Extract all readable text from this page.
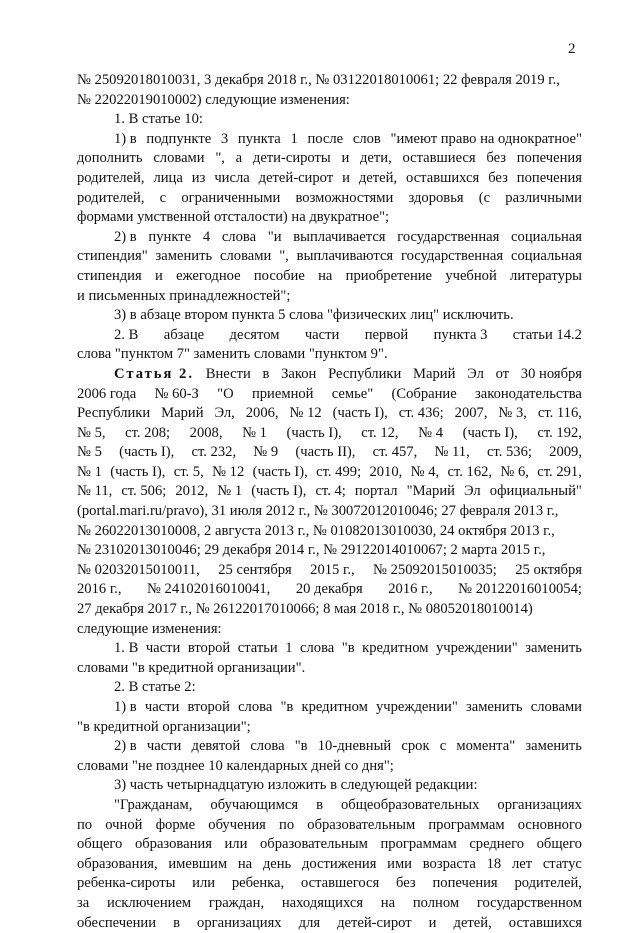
2
№ 25092018010031, 3 декабря 2018 г., № 03122018010061; 22 февраля 2019 г.,
№ 22022019010002) следующие изменения:
1. В статье 10:
1) в подпункте 3 пункта 1 после слов "имеют право на однократное"
дополнить словами ", а дети-сироты и дети, оставшиеся без попечения
родителей, лица из числа детей-сирот и детей, оставшихся без попечения
родителей, с ограниченными возможностями здоровья (с различными
формами умственной отсталости) на двукратное";
2) в пункте 4 слова "и выплачивается государственная социальная
стипендия" заменить словами ", выплачиваются государственная социальная
стипендия и ежегодное пособие на приобретение учебной литературы
и письменных принадлежностей";
3) в абзаце втором пункта 5 слова "физических лиц" исключить.
2. В абзаце десятом части первой пункта 3 статьи 14.2
слова "пунктом 7" заменить словами "пунктом 9".
Статья 2. Внести в Закон Республики Марий Эл от 30 ноября
2006 года № 60-З "О приемной семье" (Собрание законодательства
Республики Марий Эл, 2006, № 12 (часть I), ст. 436; 2007, № 3, ст. 116,
№ 5, ст. 208; 2008, № 1 (часть I), ст. 12, № 4 (часть I), ст. 192,
№ 5 (часть I), ст. 232, № 9 (часть II), ст. 457, № 11, ст. 536; 2009,
№ 1 (часть I), ст. 5, № 12 (часть I), ст. 499; 2010, № 4, ст. 162, № 6, ст. 291,
№ 11, ст. 506; 2012, № 1 (часть I), ст. 4; портал "Марий Эл официальный"
(portal.mari.ru/pravo), 31 июля 2012 г., № 30072012010046; 27 февраля 2013 г.,
№ 26022013010008, 2 августа 2013 г., № 01082013010030, 24 октября 2013 г.,
№ 23102013010046; 29 декабря 2014 г., № 29122014010067; 2 марта 2015 г.,
№ 02032015010011, 25 сентября 2015 г., № 25092015010035; 25 октября
2016 г., № 24102016010041, 20 декабря 2016 г., № 20122016010054;
27 декабря 2017 г., № 26122017010066; 8 мая 2018 г., № 08052018010014)
следующие изменения:
1. В части второй статьи 1 слова "в кредитном учреждении" заменить
словами "в кредитной организации".
2. В статье 2:
1) в части второй слова "в кредитном учреждении" заменить словами
"в кредитной организации";
2) в части девятой слова "в 10-дневный срок с момента" заменить
словами "не позднее 10 календарных дней со дня";
3) часть четырнадцатую изложить в следующей редакции:
"Гражданам, обучающимся в общеобразовательных организациях
по очной форме обучения по образовательным программам основного
общего образования или образовательным программам среднего общего
образования, имевшим на день достижения ими возраста 18 лет статус
ребенка-сироты или ребенка, оставшегося без попечения родителей,
за исключением граждан, находящихся на полном государственном
обеспечении в организациях для детей-сирот и детей, оставшихся
